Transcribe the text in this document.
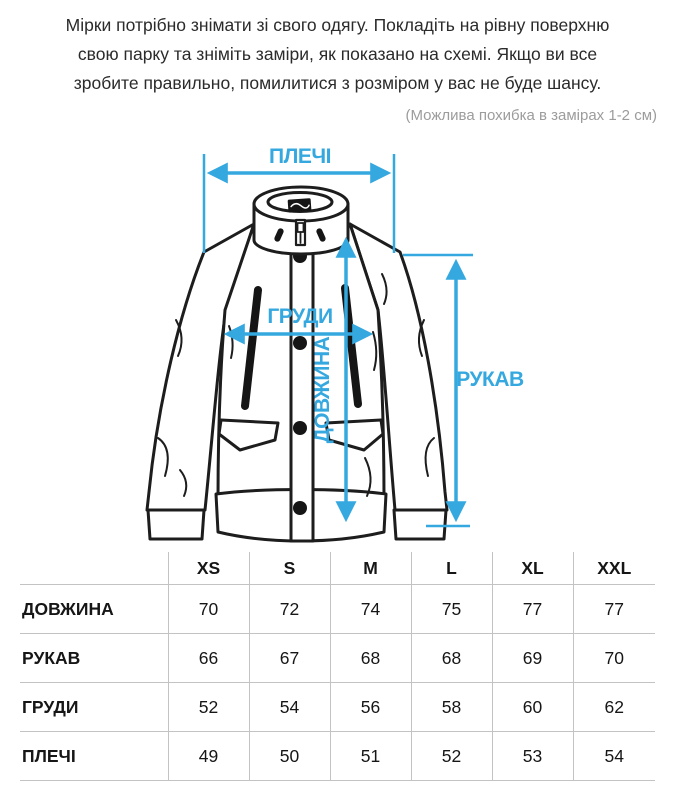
Мірки потрібно знімати зі свого одягу. Покладіть на рівну поверхню
свою парку та зніміть заміри, як показано на схемі. Якщо ви все
зробите правильно, помилитися з розміром у вас не буде шансу.
(Можлива похибка в замірах 1-2 см)
ПЛЕЧІ
ГРУДИ
ДОВЖИНА	РУКАВ
	XS	S	M	L	XL	XXL
ДОВЖИНА	70	72	74	75	77	77
РУКАВ	66	67	68	68	69	70
ГРУДИ	52	54	56	58	60	62
ПЛЕЧІ	49	50	51	52	53	54
